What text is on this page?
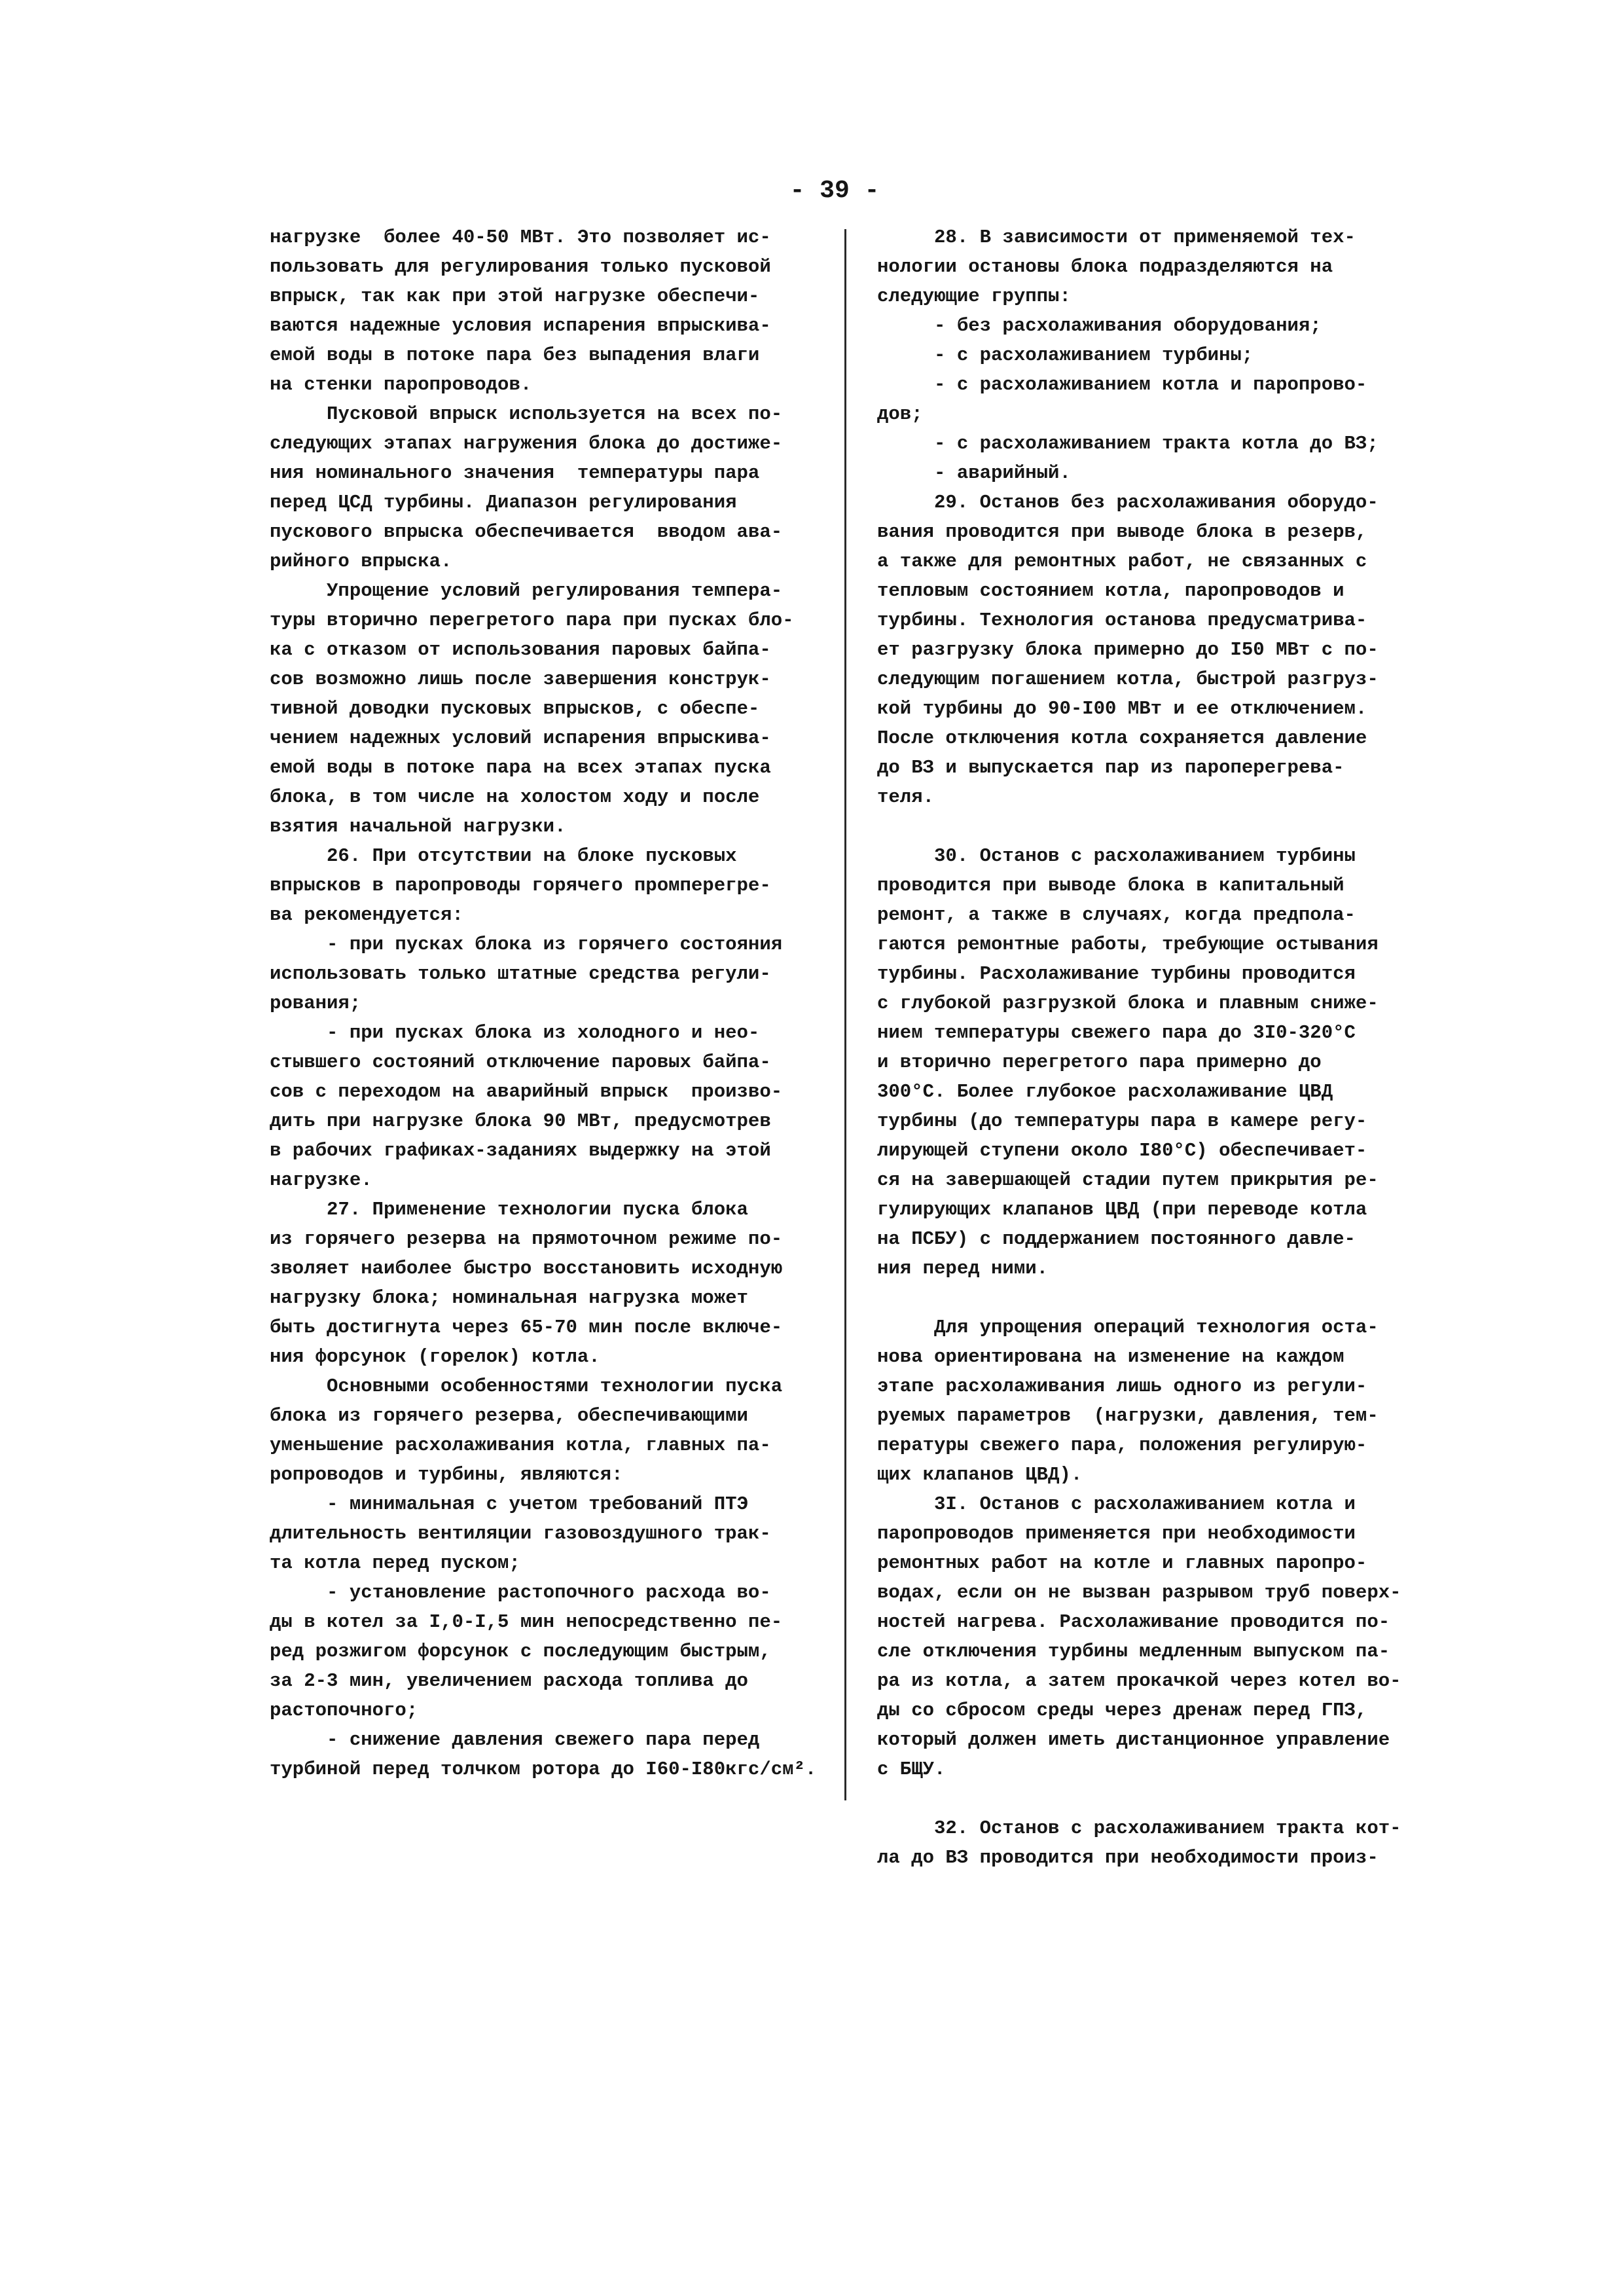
- 39 -
нагрузке  более 40-50 МВт. Это позволяет ис-
пользовать для регулирования только пусковой
впрыск, так как при этой нагрузке обеспечи-
ваются надежные условия испарения впрыскива-
емой воды в потоке пара без выпадения влаги
на стенки паропроводов.
Пусковой впрыск используется на всех по-
следующих этапах нагружения блока до достиже-
ния номинального значения  температуры пара
перед ЦСД турбины. Диапазон регулирования
пускового впрыска обеспечивается  вводом ава-
рийного впрыска.
Упрощение условий регулирования темпера-
туры вторично перегретого пара при пусках бло-
ка с отказом от использования паровых байпа-
сов возможно лишь после завершения конструк-
тивной доводки пусковых впрысков, с обеспе-
чением надежных условий испарения впрыскива-
емой воды в потоке пара на всех этапах пуска
блока, в том числе на холостом ходу и после
взятия начальной нагрузки.
26. При отсутствии на блоке пусковых
впрысков в паропроводы горячего промперегре-
ва рекомендуется:
- при пусках блока из горячего состояния
использовать только штатные средства регули-
рования;
- при пусках блока из холодного и нео-
стывшего состояний отключение паровых байпа-
сов с переходом на аварийный впрыск  произво-
дить при нагрузке блока 90 МВт, предусмотрев
в рабочих графиках-заданиях выдержку на этой
нагрузке.
27. Применение технологии пуска блока
из горячего резерва на прямоточном режиме по-
зволяет наиболее быстро восстановить исходную
нагрузку блока; номинальная нагрузка может
быть достигнута через 65-70 мин после включе-
ния форсунок (горелок) котла.
Основными особенностями технологии пуска
блока из горячего резерва, обеспечивающими
уменьшение расхолаживания котла, главных па-
ропроводов и турбины, являются:
- минимальная с учетом требований ПТЭ
длительность вентиляции газовоздушного трак-
та котла перед пуском;
- установление растопочного расхода во-
ды в котел за I,0-I,5 мин непосредственно пе-
ред розжигом форсунок с последующим быстрым,
за 2-3 мин, увеличением расхода топлива до
растопочного;
- снижение давления свежего пара перед
турбиной перед толчком ротора до I60-I80кгс/см².
28. В зависимости от применяемой тех-
нологии остановы блока подразделяются на
следующие группы:
- без расхолаживания оборудования;
- с расхолаживанием турбины;
- с расхолаживанием котла и паропрово-
дов;
- с расхолаживанием тракта котла до ВЗ;
- аварийный.
29. Останов без расхолаживания оборудо-
вания проводится при выводе блока в резерв,
а также для ремонтных работ, не связанных с
тепловым состоянием котла, паропроводов и
турбины. Технология останова предусматрива-
ет разгрузку блока примерно до I50 МВт с по-
следующим погашением котла, быстрой разгруз-
кой турбины до 90-I00 МВт и ее отключением.
После отключения котла сохраняется давление
до ВЗ и выпускается пар из пароперегрева-
теля.
30. Останов с расхолаживанием турбины
проводится при выводе блока в капитальный
ремонт, а также в случаях, когда предпола-
гаются ремонтные работы, требующие остывания
турбины. Расхолаживание турбины проводится
с глубокой разгрузкой блока и плавным сниже-
нием температуры свежего пара до 3I0-320°С
и вторично перегретого пара примерно до
300°С. Более глубокое расхолаживание ЦВД
турбины (до температуры пара в камере регу-
лирующей ступени около I80°С) обеспечивает-
ся на завершающей стадии путем прикрытия ре-
гулирующих клапанов ЦВД (при переводе котла
на ПСБУ) с поддержанием постоянного давле-
ния перед ними.
Для упрощения операций технология оста-
нова ориентирована на изменение на каждом
этапе расхолаживания лишь одного из регули-
руемых параметров  (нагрузки, давления, тем-
пературы свежего пара, положения регулирую-
щих клапанов ЦВД).
3I. Останов с расхолаживанием котла и
паропроводов применяется при необходимости
ремонтных работ на котле и главных паропро-
водах, если он не вызван разрывом труб поверх-
ностей нагрева. Расхолаживание проводится по-
сле отключения турбины медленным выпуском па-
ра из котла, а затем прокачкой через котел во-
ды со сбросом среды через дренаж перед ГПЗ,
который должен иметь дистанционное управление
с БЩУ.
32. Останов с расхолаживанием тракта кот-
ла до ВЗ проводится при необходимости произ-
